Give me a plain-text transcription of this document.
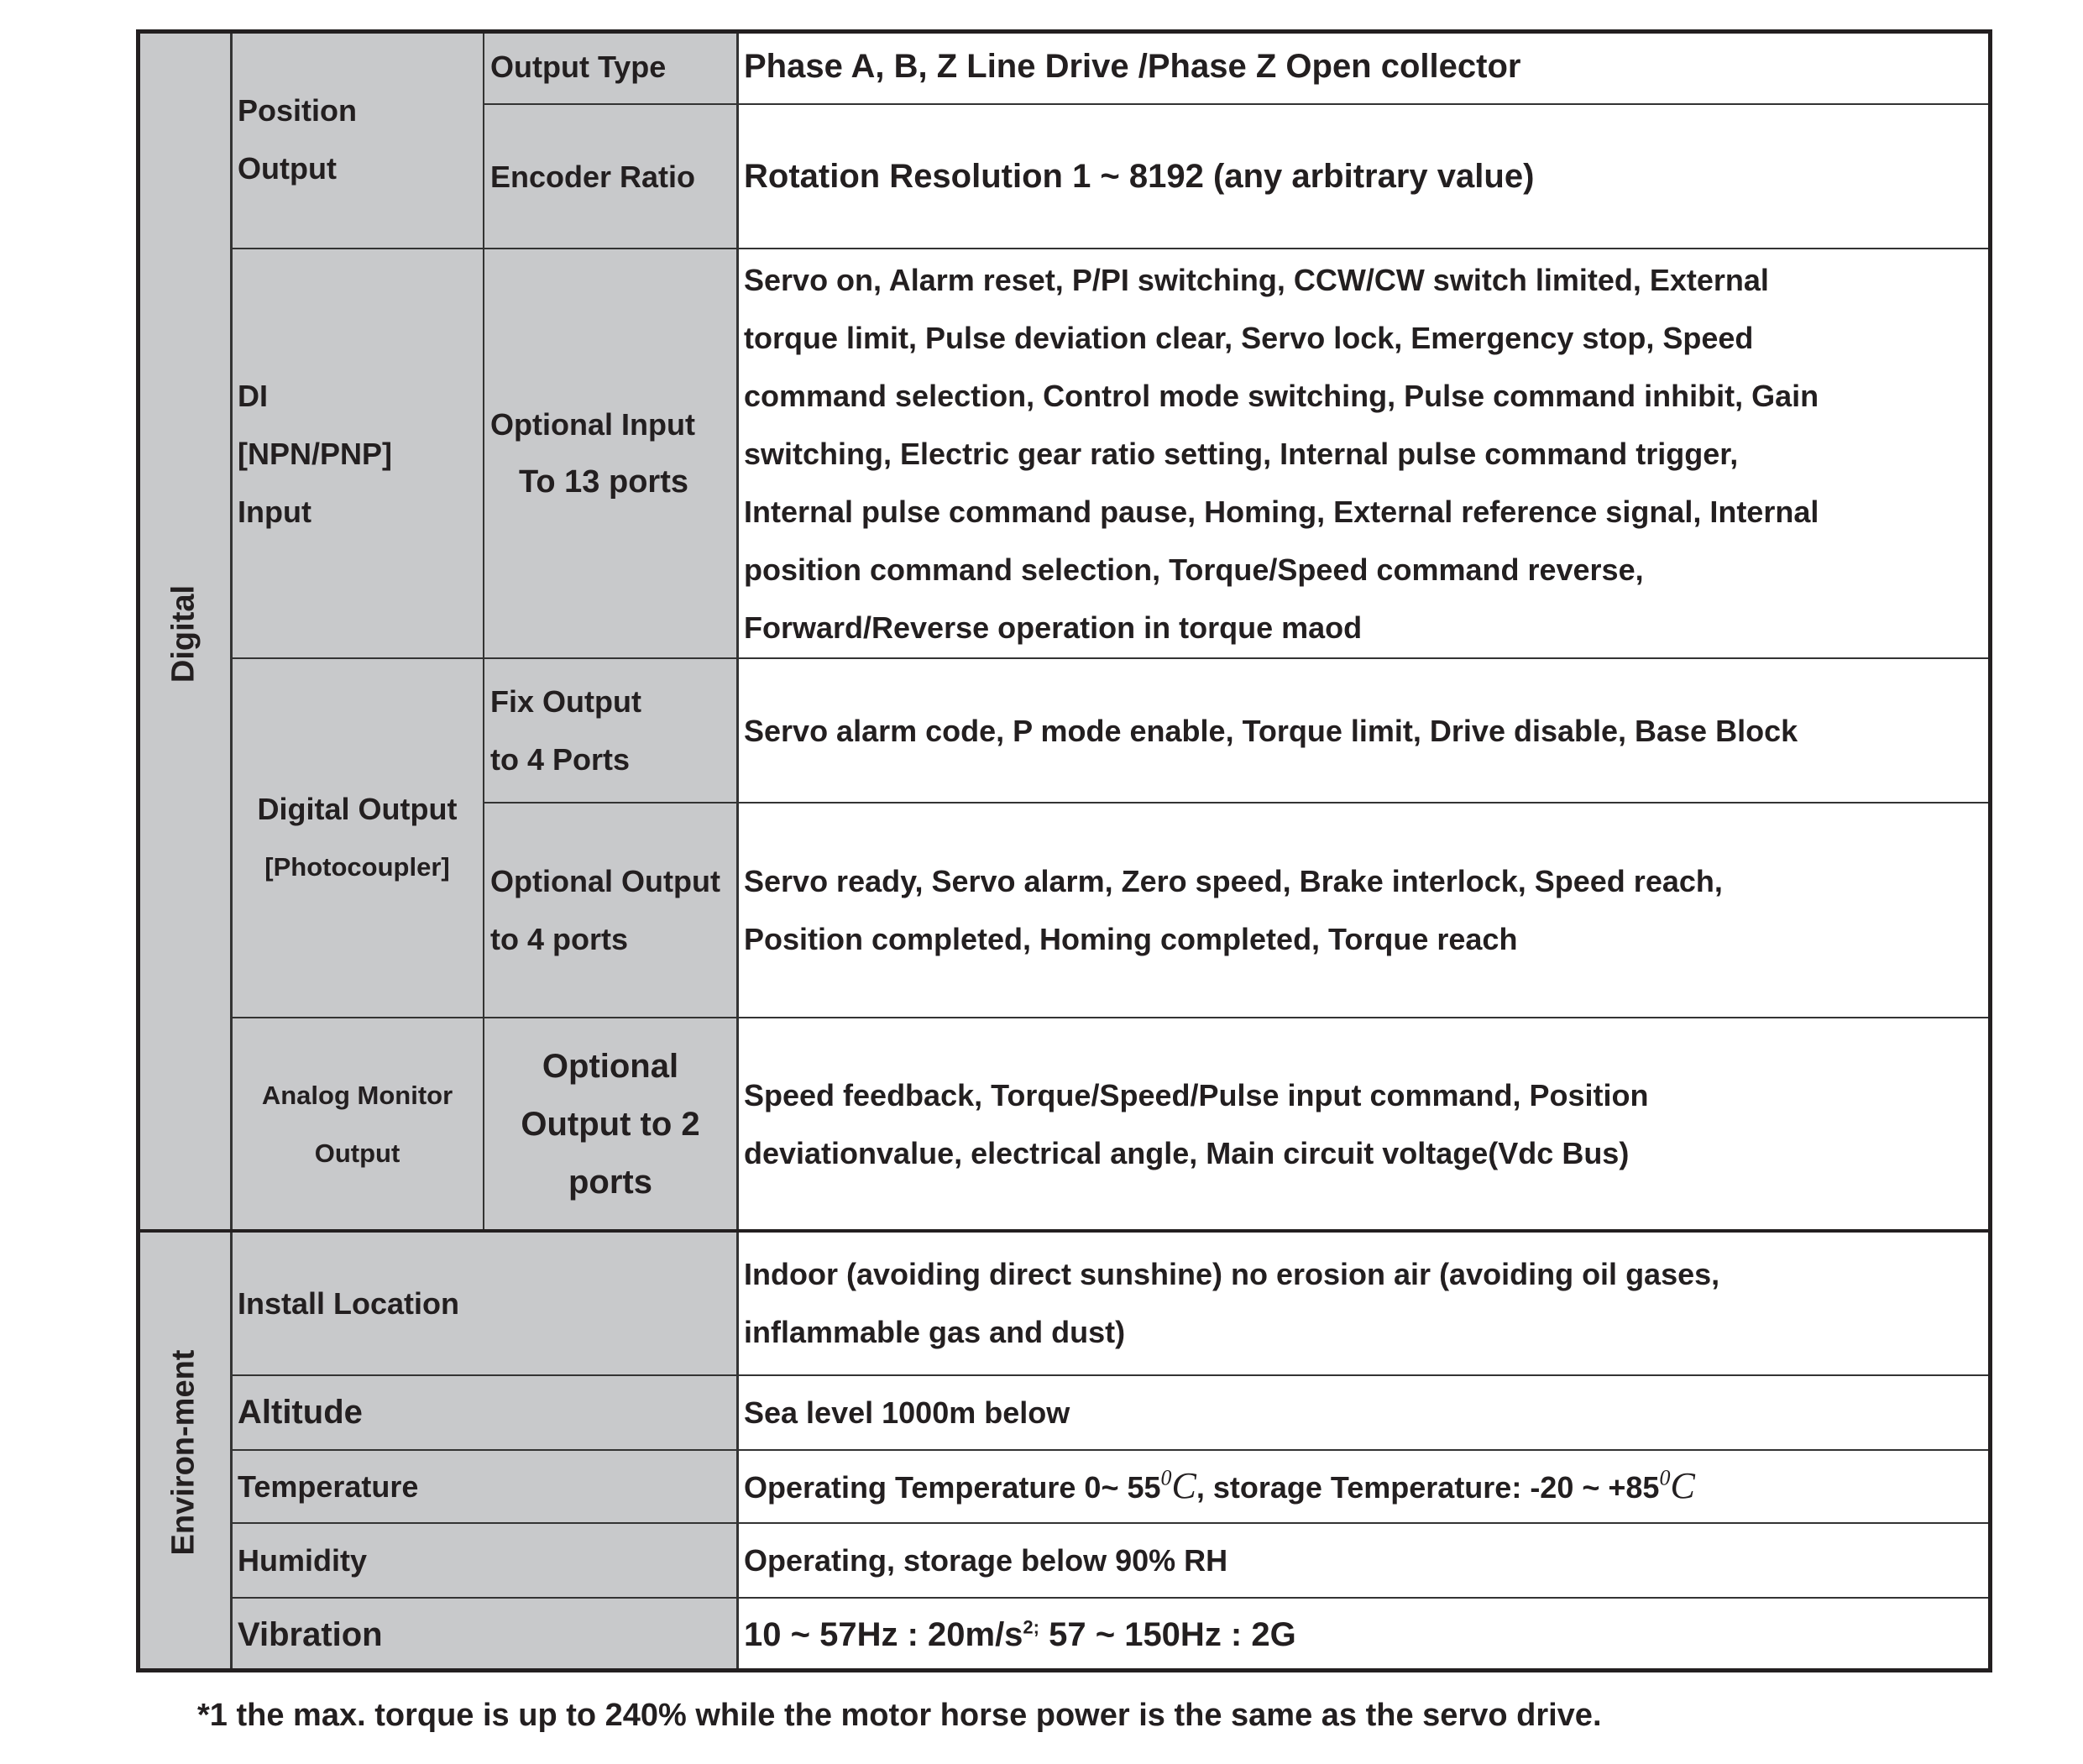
Digital
Environ-ment
Position
Output
DI
[NPN/PNP]
Input
Digital Output
[Photocoupler]
Analog Monitor
Output
Output Type
Encoder Ratio
Optional Input
To 13 ports
Fix Output
to 4 Ports
Optional Output
to 4 ports
Optional
Output to 2
ports
Install Location
Altitude
Temperature
Humidity
Vibration
Phase A, B, Z Line Drive /Phase Z Open collector
Rotation Resolution 1 ~ 8192 (any arbitrary value)
Servo on, Alarm reset, P/PI switching, CCW/CW switch limited, External
torque limit, Pulse deviation clear, Servo lock, Emergency stop, Speed
command selection, Control mode switching, Pulse command inhibit, Gain
switching, Electric gear ratio setting, Internal pulse command trigger,
Internal pulse command pause, Homing, External reference signal, Internal
position command selection, Torque/Speed command reverse,
Forward/Reverse operation in torque maod
Servo alarm code, P mode enable, Torque limit, Drive disable, Base Block
Servo ready, Servo alarm, Zero speed, Brake interlock, Speed reach,
Position completed, Homing completed, Torque reach
Speed feedback, Torque/Speed/Pulse input command, Position
deviationvalue, electrical angle, Main circuit voltage(Vdc Bus)
Indoor (avoiding direct sunshine) no erosion air (avoiding oil gases,
inflammable gas and dust)
Sea level 1000m below
Operating Temperature 0~ $55^0C$, storage Temperature: -20 ~ $+85^0C$
Operating, storage below 90% RH
10 ~ 57Hz : $20m/s^{2;}$ 57 ~ 150Hz : 2G
*1 the max. torque is up to 240% while the motor horse power is the same as the servo drive.
